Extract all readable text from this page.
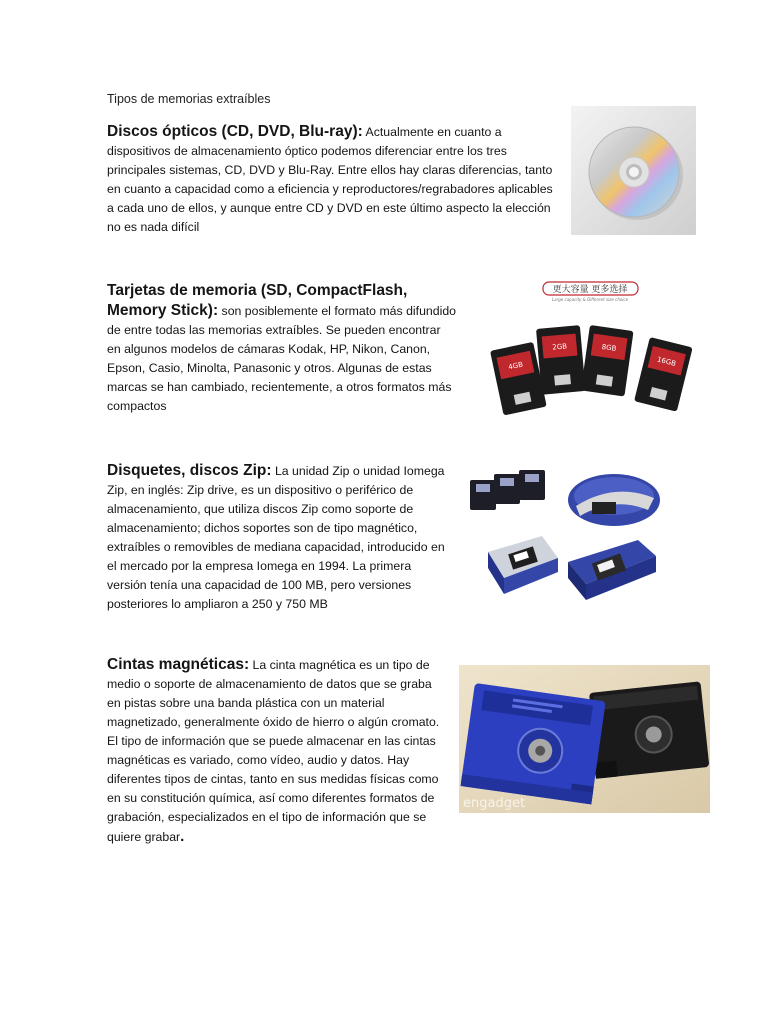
Tipos de memorias extraíbles

Discos ópticos (CD, DVD, Blu-ray): Actualmente en cuanto a dispositivos de almacenamiento óptico podemos diferenciar entre los tres principales sistemas, CD, DVD y Blu-Ray. Entre ellos hay claras diferencias, tanto en cuanto a capacidad como a eficiencia y reproductores/regrabadores aplicables a cada uno de ellos, y aunque entre CD y DVD en este último aspecto la elección no es nada difícil

Tarjetas de memoria (SD, CompactFlash, Memory Stick): son posiblemente el formato más difundido de entre todas las memorias extraíbles. Se pueden encontrar en algunos modelos de cámaras Kodak, HP, Nikon, Canon, Epson, Casio, Minolta, Panasonic y otros. Algunas de estas marcas se han cambiado, recientemente, a otros formatos más compactos

更大容量 更多选择
Large capacity & Different size choice
4GB
2GB	8GB
16GB

Disquetes, discos Zip: La unidad Zip o unidad Iomega Zip, en inglés: Zip drive, es un dispositivo o periférico de almacenamiento, que utiliza discos Zip como soporte de almacenamiento; dichos soportes son de tipo magnético, extraíbles o removibles de mediana capacidad, introducido en el mercado por la empresa Iomega en 1994. La primera versión tenía una capacidad de 100 MB, pero versiones posteriores lo ampliaron a 250 y 750 MB

Cintas magnéticas: La cinta magnética es un tipo de medio o soporte de almacenamiento de datos que se graba en pistas sobre una banda plástica con un material magnetizado, generalmente óxido de hierro o algún cromato. El tipo de información que se puede almacenar en las cintas magnéticas es variado, como vídeo, audio y datos. Hay diferentes tipos de cintas, tanto en sus medidas físicas como en su constitución química, así como diferentes formatos de grabación, especializados en el tipo de información que se quiere grabar.

engadget
